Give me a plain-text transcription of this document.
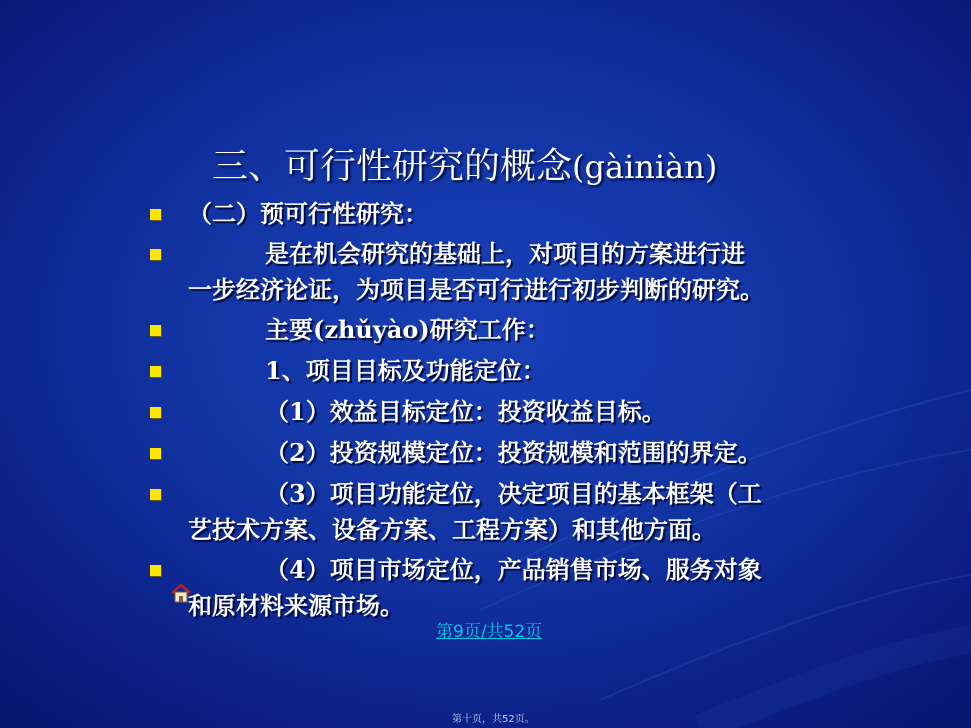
三、可行性研究的概念(gàiniàn)
（二）预可行性研究：
是在机会研究的基础上，对项目的方案进行进
一步经济论证，为项目是否可行进行初步判断的研究。
主要(zhǔyào)研究工作：
1、项目目标及功能定位：
（1）效益目标定位：投资收益目标。
（2）投资规模定位：投资规模和范围的界定。
（3）项目功能定位，决定项目的基本框架（工
艺技术方案、设备方案、工程方案）和其他方面。
（4）项目市场定位，产品销售市场、服务对象
和原材料来源市场。
第9页/共52页
第十页，共52页。
